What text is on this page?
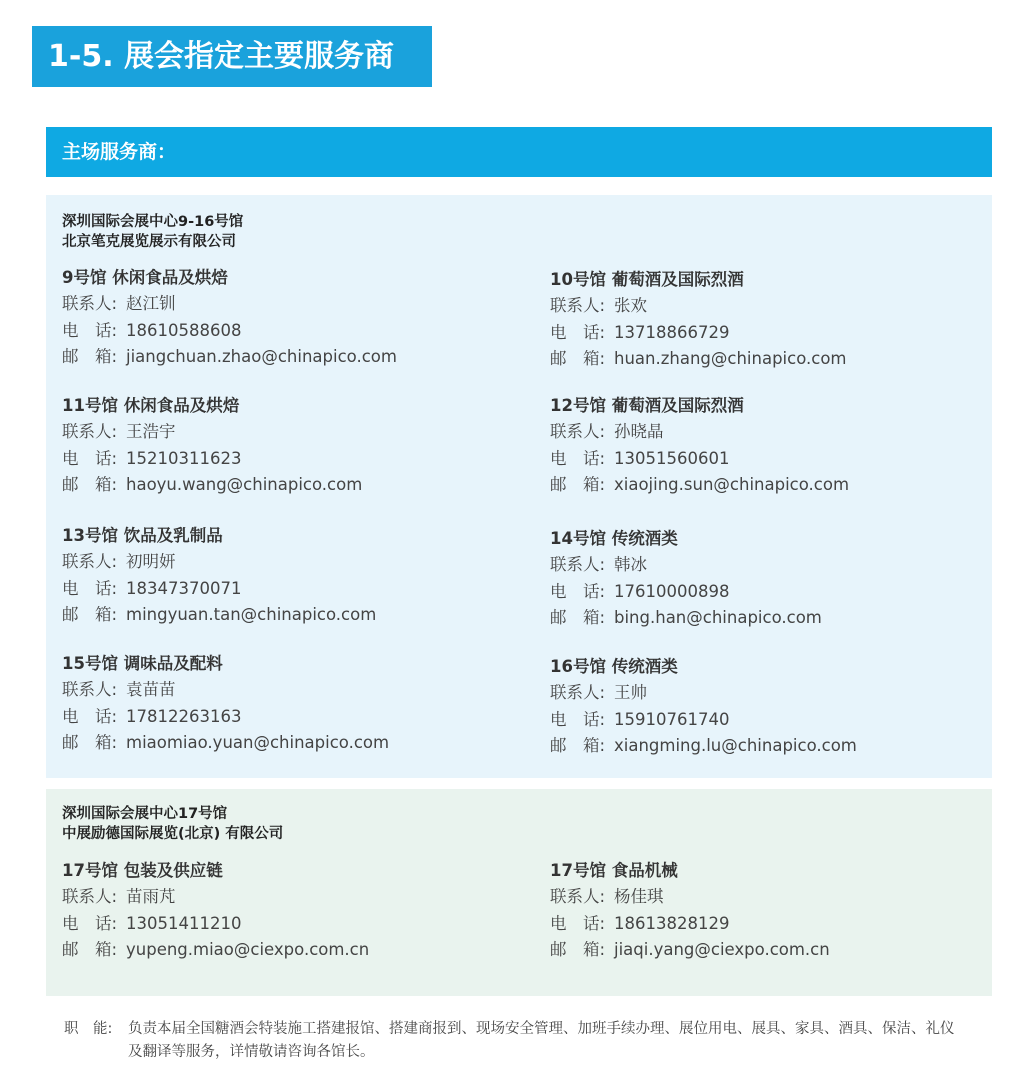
1-5. 展会指定主要服务商
主场服务商：
深圳国际会展中心9-16号馆
北京笔克展览展示有限公司
9号馆 休闲食品及烘焙
联系人: 赵江钏
电　话: 18610588608
邮　箱: jiangchuan.zhao@chinapico.com
10号馆 葡萄酒及国际烈酒
联系人: 张欢
电　话: 13718866729
邮　箱: huan.zhang@chinapico.com
11号馆 休闲食品及烘焙
联系人: 王浩宇
电　话: 15210311623
邮　箱: haoyu.wang@chinapico.com
12号馆 葡萄酒及国际烈酒
联系人: 孙晓晶
电　话: 13051560601
邮　箱: xiaojing.sun@chinapico.com
13号馆 饮品及乳制品
联系人: 初明妍
电　话: 18347370071
邮　箱: mingyuan.tan@chinapico.com
14号馆 传统酒类
联系人: 韩冰
电　话: 17610000898
邮　箱: bing.han@chinapico.com
15号馆 调味品及配料
联系人: 袁苗苗
电　话: 17812263163
邮　箱: miaomiao.yuan@chinapico.com
16号馆 传统酒类
联系人: 王帅
电　话: 15910761740
邮　箱: xiangming.lu@chinapico.com
深圳国际会展中心17号馆
中展励德国际展览(北京) 有限公司
17号馆 包装及供应链
联系人: 苗雨芃
电　话: 13051411210
邮　箱: yupeng.miao@ciexpo.com.cn
17号馆 食品机械
联系人: 杨佳琪
电　话: 18613828129
邮　箱: jiaqi.yang@ciexpo.com.cn
职　能: 负责本届全国糖酒会特装施工搭建报馆、搭建商报到、现场安全管理、加班手续办理、展位用电、展具、家具、酒具、保洁、礼仪及翻译等服务，详情敬请咨询各馆长。
